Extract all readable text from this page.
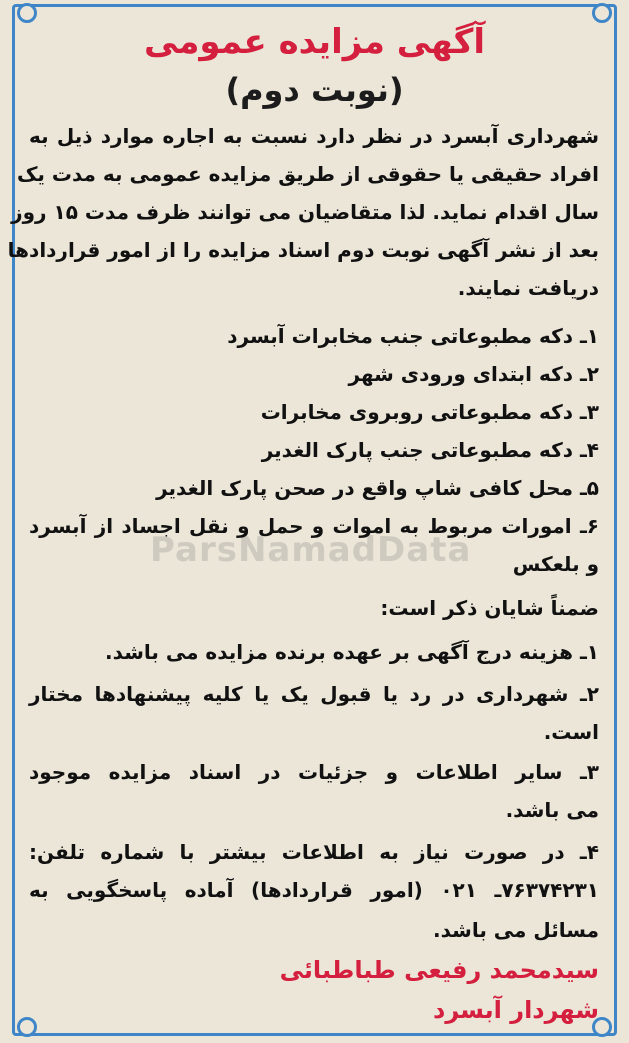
ParsNamadData
آگهی مزایده عمومی
(نوبت دوم)
شهرداری آبسرد در نظر دارد نسبت به اجاره موارد ذیل به
افراد حقیقی یا حقوقی از طریق مزایده عمومی به مدت یک
سال اقدام نماید. لذا متقاضیان می توانند ظرف مدت ۱۵ روز
بعد از نشر آگهی نوبت دوم اسناد مزایده را از امور قراردادها
دریافت نمایند.
۱ـ دکه مطبوعاتی جنب مخابرات آبسرد
۲ـ دکه ابتدای ورودی شهر
۳ـ دکه مطبوعاتی روبروی مخابرات
۴ـ دکه مطبوعاتی جنب پارک الغدیر
۵ـ محل کافی شاپ واقع در صحن پارک الغدیر
۶ـ امورات مربوط به اموات و حمل و نقل اجساد از آبسرد
و بلعکس
ضمناً شایان ذکر است:
۱ـ هزینه درج آگهی بر عهده برنده مزایده می باشد.
۲ـ شهرداری در رد یا قبول یک یا کلیه پیشنهادها مختار
است.
۳ـ سایر اطلاعات و جزئیات در اسناد مزایده موجود
می باشد.
۴ـ در صورت نیاز به اطلاعات بیشتر با شماره تلفن:
۷۶۳۷۴۲۳۱ـ ۰۲۱ (امور قراردادها) آماده پاسخگویی به
مسائل می باشد.
سیدمحمد رفیعی طباطبائی
شهردار آبسرد
